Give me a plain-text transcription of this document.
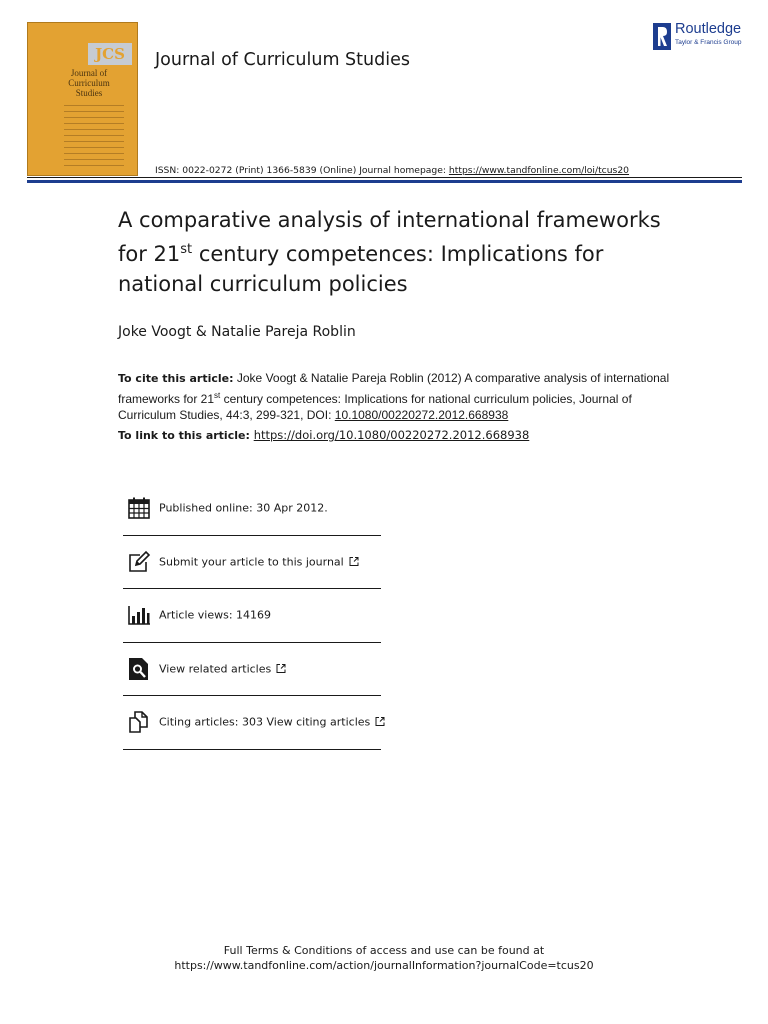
JCS
Journal of Curriculum Studies
Journal of Curriculum Studies
Routledge
Taylor & Francis Group
ISSN: 0022-0272 (Print) 1366-5839 (Online) Journal homepage: https://www.tandfonline.com/loi/tcus20
A comparative analysis of international frameworks for 21st century competences: Implications for national curriculum policies
Joke Voogt & Natalie Pareja Roblin
To cite this article: Joke Voogt & Natalie Pareja Roblin (2012) A comparative analysis of international frameworks for 21st century competences: Implications for national curriculum policies, Journal of Curriculum Studies, 44:3, 299-321, DOI: 10.1080/00220272.2012.668938
To link to this article: https://doi.org/10.1080/00220272.2012.668938
Published online: 30 Apr 2012.
Submit your article to this journal
Article views: 14169
View related articles
Citing articles: 303 View citing articles
Full Terms & Conditions of access and use can be found at
https://www.tandfonline.com/action/journalInformation?journalCode=tcus20
